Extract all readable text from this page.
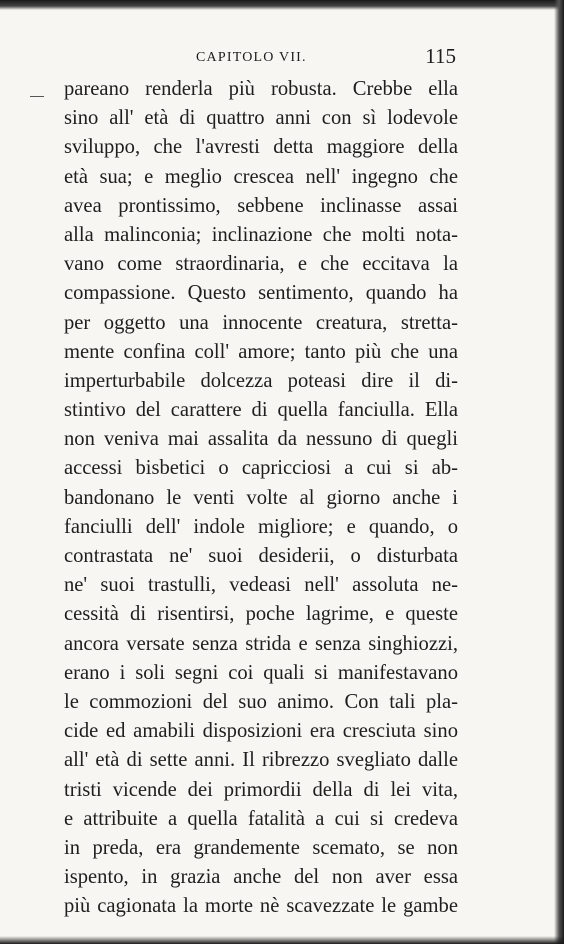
CAPITOLO VII.	115
pareano renderla più robusta. Crebbe ella
sino all' età di quattro anni con sì lodevole
sviluppo, che l'avresti detta maggiore della
età sua; e meglio crescea nell' ingegno che
avea prontissimo, sebbene inclinasse assai
alla malinconia; inclinazione che molti nota-
vano come straordinaria, e che eccitava la
compassione. Questo sentimento, quando ha
per oggetto una innocente creatura, stretta-
mente confina coll' amore; tanto più che una
imperturbabile dolcezza poteasi dire il di-
stintivo del carattere di quella fanciulla. Ella
non veniva mai assalita da nessuno di quegli
accessi bisbetici o capricciosi a cui si ab-
bandonano le venti volte al giorno anche i
fanciulli dell' indole migliore; e quando, o
contrastata ne' suoi desiderii, o disturbata
ne' suoi trastulli, vedeasi nell' assoluta ne-
cessità di risentirsi, poche lagrime, e queste
ancora versate senza strida e senza singhiozzi,
erano i soli segni coi quali si manifestavano
le commozioni del suo animo. Con tali pla-
cide ed amabili disposizioni era cresciuta sino
all' età di sette anni. Il ribrezzo svegliato dalle
tristi vicende dei primordii della di lei vita,
e attribuite a quella fatalità a cui si credeva
in preda, era grandemente scemato, se non
ispento, in grazia anche del non aver essa
più cagionata la morte nè scavezzate le gambe
